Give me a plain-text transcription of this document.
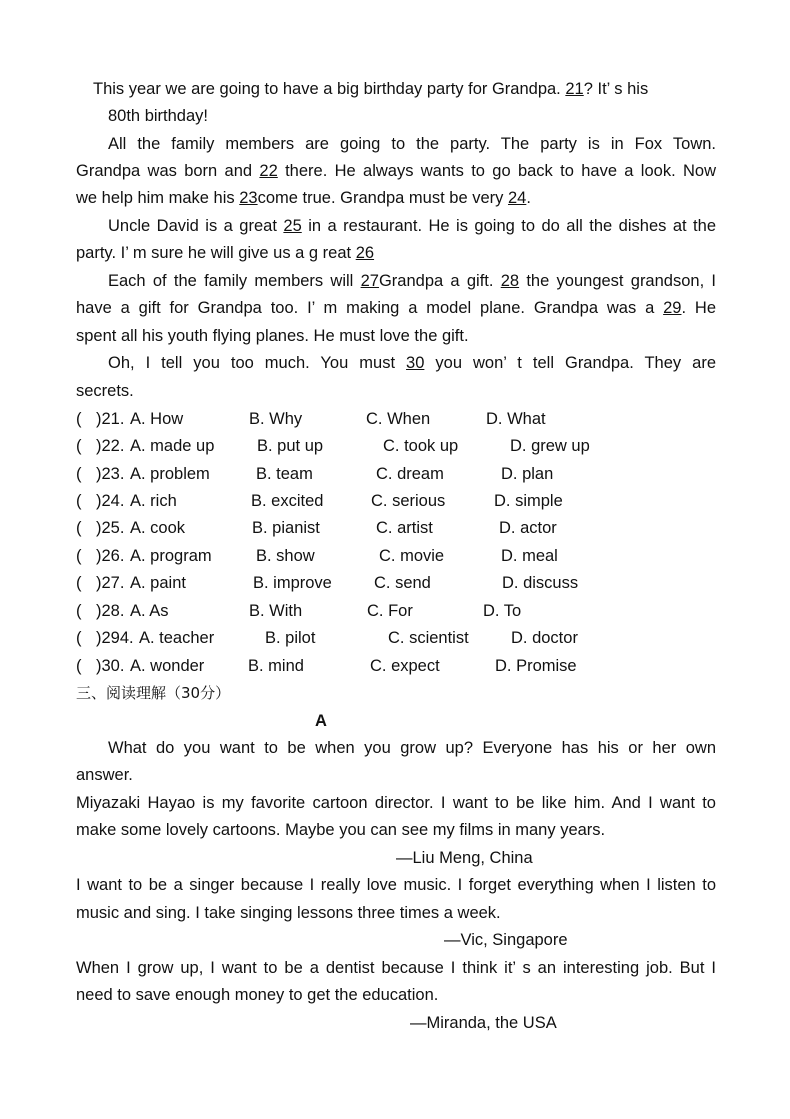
This year we are going to have a big birthday party for Grandpa. 21? It’ s his
80th birthday!
All the family members are going to the party. The party is in Fox Town.
Grandpa was born and 22 there. He always wants to go back to have a look. Now
we help him make his 23come true. Grandpa must be very 24.
Uncle David is a great 25 in a restaurant. He is going to do all the dishes at the
party. I’ m sure he will give us a g reat 26
Each of the family members will 27Grandpa a gift. 28 the youngest grandson, I
have a gift for Grandpa too. I’ m making a model plane. Grandpa was a 29. He
spent all his youth flying planes. He must love the gift.
Oh, I tell you too much. You must 30 you won’ t tell Grandpa. They are
secrets.
( )21. A. How	B. Why	C. When	D. What
( )22. A. made up	B. put up	C. took up	D. grew up
( )23. A. problem	B. team	C. dream	D. plan
( )24. A. rich	B. excited	C. serious	D. simple
( )25. A. cook	B. pianist	C. artist	D. actor
( )26. A. program	B. show	C. movie	D. meal
( )27. A. paint	B. improve	C. send	D. discuss
( )28. A. As	B. With	C. For	D. To
( )294. A. teacher	B. pilot	C. scientist	D. doctor
( )30. A. wonder	B. mind	C. expect	D. Promise
三、阅读理解（30分）
A
What do you want to be when you grow up? Everyone has his or her own
answer.
Miyazaki Hayao is my favorite cartoon director. I want to be like him. And I want to
make some lovely cartoons. Maybe you can see my films in many years.
—Liu Meng, China
I want to be a singer because I really love music. I forget everything when I listen to
music and sing. I take singing lessons three times a week.
—Vic, Singapore
When I grow up, I want to be a dentist because I think it’ s an interesting job. But I
need to save enough money to get the education.
—Miranda, the USA
